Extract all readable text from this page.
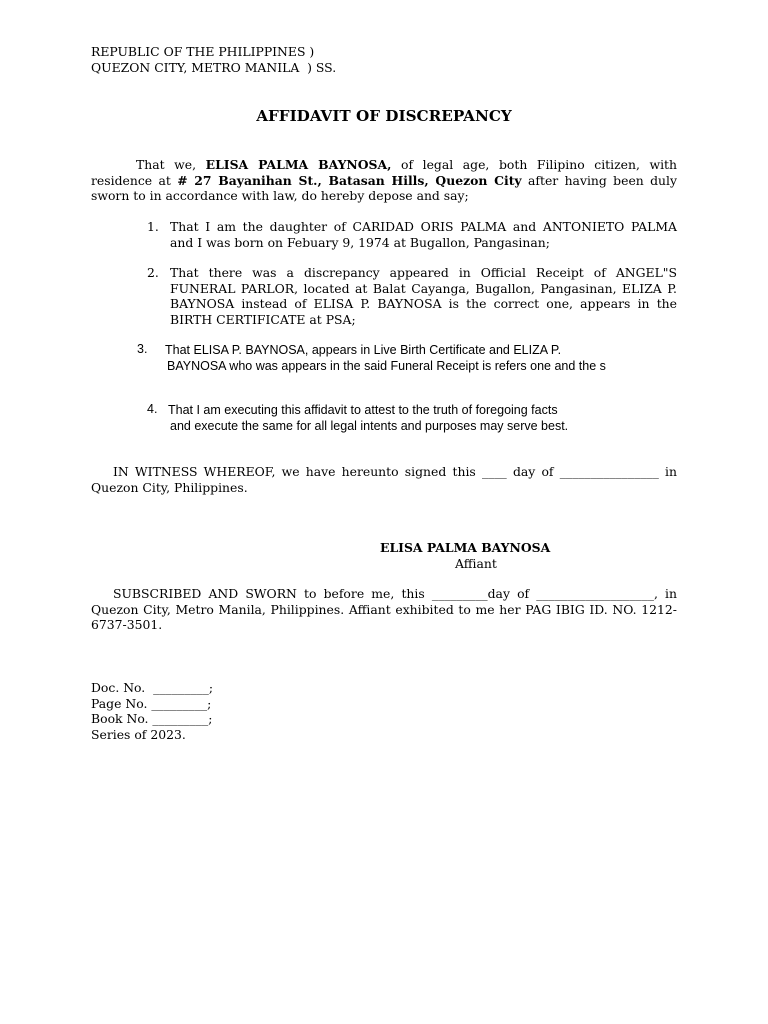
REPUBLIC OF THE PHILIPPINES )
QUEZON CITY, METRO MANILA  ) SS.
AFFIDAVIT OF DISCREPANCY
That we, ELISA PALMA BAYNOSA, of legal age, both Filipino citizen, with
residence at # 27 Bayanihan St., Batasan Hills, Quezon City after having been duly
sworn to in accordance with law, do hereby depose and say;
1. That I am the daughter of CARIDAD ORIS PALMA and ANTONIETO PALMA
and I was born on Febuary 9, 1974 at Bugallon, Pangasinan;
2. That there was a discrepancy appeared in Official Receipt of ANGEL"S
FUNERAL PARLOR, located at Balat Cayanga, Bugallon, Pangasinan, ELIZA P.
BAYNOSA instead of ELISA P. BAYNOSA is the correct one, appears in the
BIRTH CERTIFICATE at PSA;
3. That ELISA P. BAYNOSA, appears in Live Birth Certificate and ELIZA P.
BAYNOSA who was appears in the said Funeral Receipt is refers one and the s
4. That I am executing this affidavit to attest to the truth of foregoing facts
and execute the same for all legal intents and purposes may serve best.
IN WITNESS WHEREOF, we have hereunto signed this ____ day of ________________ in
Quezon City, Philippines.
ELISA PALMA BAYNOSA
Affiant
SUBSCRIBED AND SWORN to before me, this _________day of ___________________, in
Quezon City, Metro Manila, Philippines. Affiant exhibited to me her PAG IBIG ID. NO. 1212-
6737-3501.
Doc. No.  _________;
Page No. _________;
Book No. _________;
Series of 2023.
